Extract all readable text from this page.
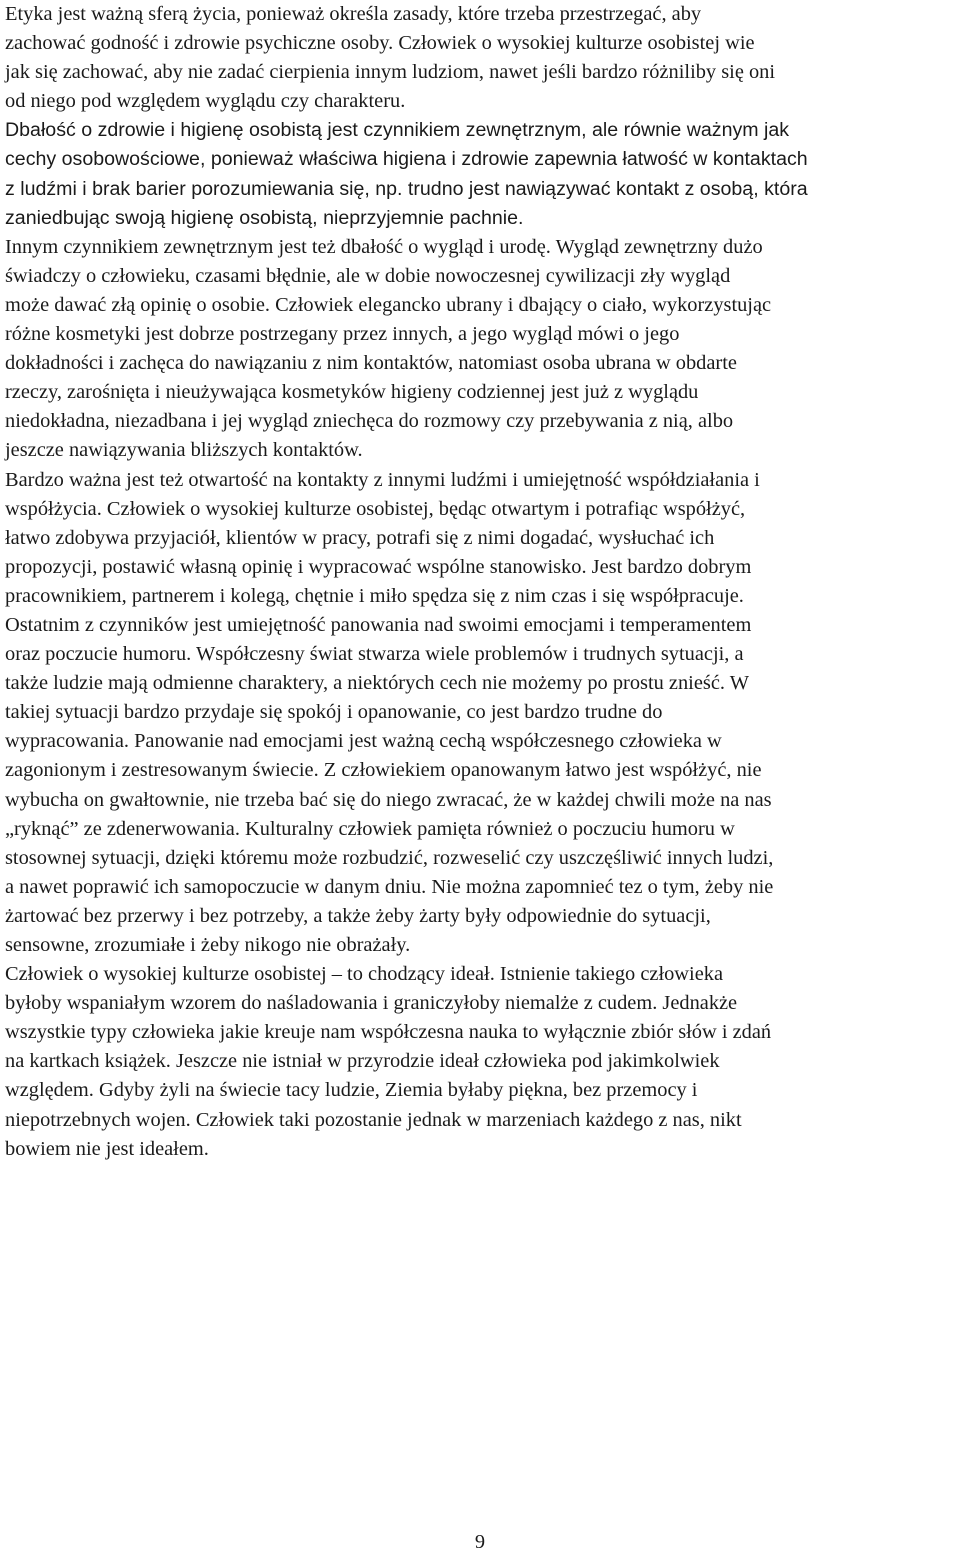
Etyka jest ważną sferą życia, ponieważ określa zasady, które trzeba przestrzegać, aby
zachować godność i zdrowie psychiczne osoby. Człowiek o wysokiej kulturze osobistej wie
jak się zachować, aby nie zadać cierpienia innym ludziom, nawet jeśli bardzo różniliby się oni
od niego pod względem wyglądu czy charakteru.

Dbałość o zdrowie i higienę osobistą jest czynnikiem zewnętrznym, ale równie ważnym jak
cechy osobowościowe, ponieważ właściwa higiena i zdrowie zapewnia łatwość w kontaktach
z ludźmi i brak barier porozumiewania się, np. trudno jest nawiązywać kontakt z osobą, która
zaniedbując swoją higienę osobistą, nieprzyjemnie pachnie.

Innym czynnikiem zewnętrznym jest też dbałość o wygląd i urodę. Wygląd zewnętrzny dużo
świadczy o człowieku, czasami błędnie, ale w dobie nowoczesnej cywilizacji zły wygląd
może dawać złą opinię o osobie. Człowiek elegancko ubrany i dbający o ciało, wykorzystując
różne kosmetyki jest dobrze postrzegany przez innych, a jego wygląd mówi o jego
dokładności i zachęca do nawiązaniu z nim kontaktów, natomiast osoba ubrana w obdarte
rzeczy, zarośnięta i nieużywająca kosmetyków higieny codziennej jest już z wyglądu
niedokładna, niezadbana i jej wygląd zniechęca do rozmowy czy przebywania z nią, albo
jeszcze nawiązywania bliższych kontaktów.

Bardzo ważna jest też otwartość na kontakty z innymi ludźmi i umiejętność współdziałania i
współżycia. Człowiek o wysokiej kulturze osobistej, będąc otwartym i potrafiąc współżyć,
łatwo zdobywa przyjaciół, klientów w pracy, potrafi się z nimi dogadać, wysłuchać ich
propozycji, postawić własną opinię i wypracować wspólne stanowisko. Jest bardzo dobrym
pracownikiem, partnerem i kolegą, chętnie i miło spędza się z nim czas i się współpracuje.
Ostatnim z czynników jest umiejętność panowania nad swoimi emocjami i temperamentem
oraz poczucie humoru. Współczesny świat stwarza wiele problemów i trudnych sytuacji, a
także ludzie mają odmienne charaktery, a niektórych cech nie możemy po prostu znieść. W
takiej sytuacji bardzo przydaje się spokój i opanowanie, co jest bardzo trudne do
wypracowania. Panowanie nad emocjami jest ważną cechą współczesnego człowieka w
zagonionym i zestresowanym świecie. Z człowiekiem opanowanym łatwo jest współżyć, nie
wybucha on gwałtownie, nie trzeba bać się do niego zwracać, że w każdej chwili może na nas
„ryknąć” ze zdenerwowania. Kulturalny człowiek pamięta również o poczuciu humoru w
stosownej sytuacji, dzięki któremu może rozbudzić, rozweselić czy uszczęśliwić innych ludzi,
a nawet poprawić ich samopoczucie w danym dniu. Nie można zapomnieć tez o tym, żeby nie
żartować bez przerwy i bez potrzeby, a także żeby żarty były odpowiednie do sytuacji,
sensowne, zrozumiałe i żeby nikogo nie obrażały.

Człowiek o wysokiej kulturze osobistej – to chodzący ideał. Istnienie takiego człowieka
byłoby wspaniałym wzorem do naśladowania i graniczyłoby niemalże z cudem. Jednakże
wszystkie typy człowieka jakie kreuje nam współczesna nauka to wyłącznie zbiór słów i zdań
na kartkach książek. Jeszcze nie istniał w przyrodzie ideał człowieka pod jakimkolwiek
względem. Gdyby żyli na świecie tacy ludzie, Ziemia byłaby piękna, bez przemocy i
niepotrzebnych wojen. Człowiek taki pozostanie jednak w marzeniach każdego z nas, nikt
bowiem nie jest ideałem.

9
